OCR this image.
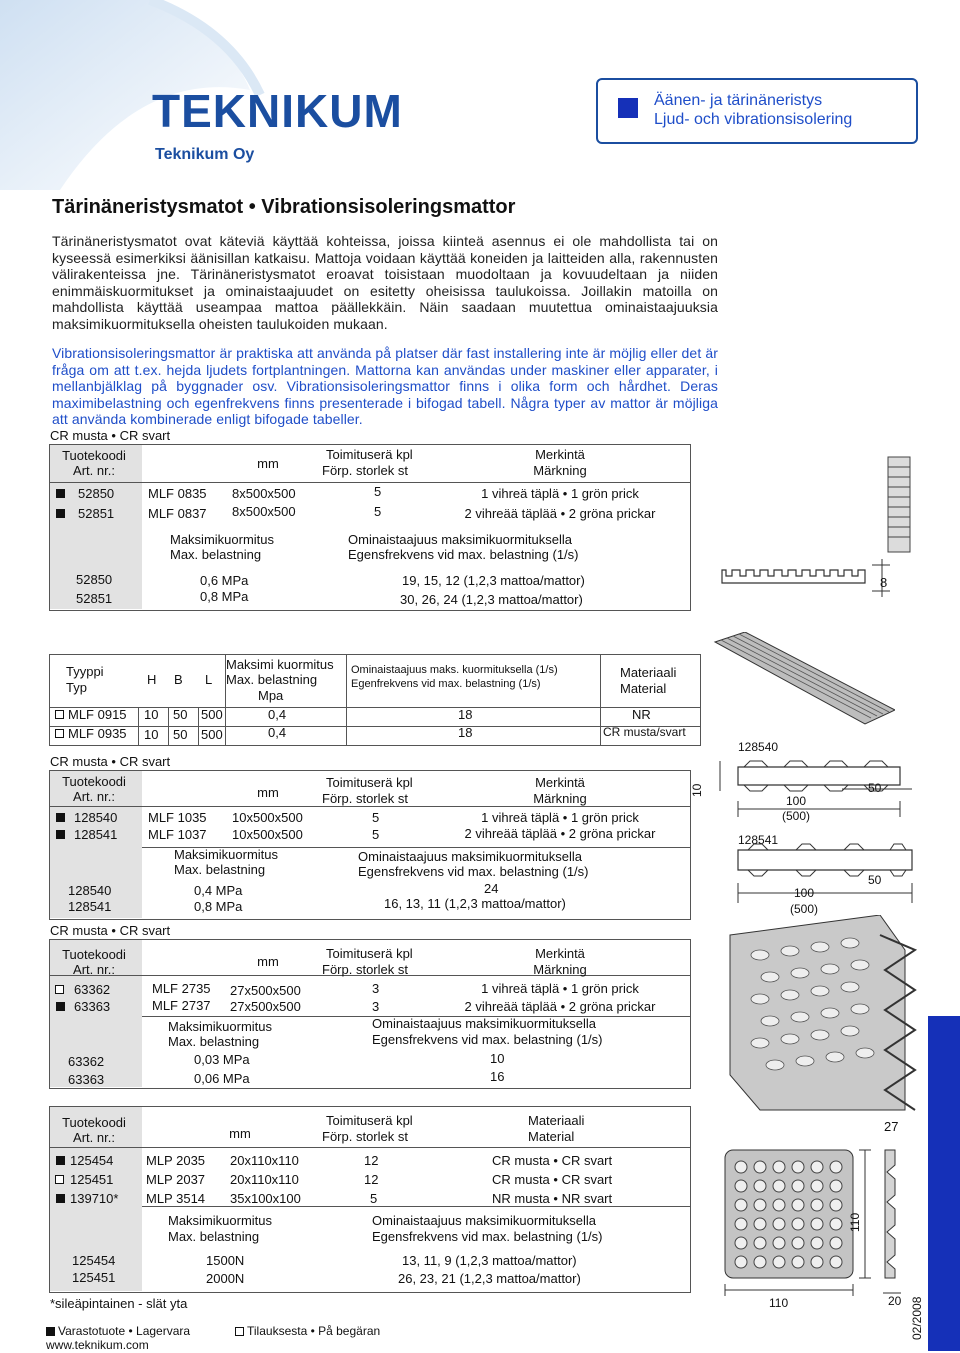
TEKNIKUM
Teknikum Oy
Äänen- ja tärinäneristys
Ljud- och vibrationsisolering
Tärinäneristysmatot • Vibrationsisoleringsmattor

Tärinäneristysmatot ovat käteviä käyttää kohteissa, joissa kiinteä asennus ei ole mahdollista tai on kyseessä esimerkiksi äänisillan katkaisu. Mattoja voidaan käyttää koneiden ja laitteiden alla, rakennusten välirakenteissa jne. Tärinäneristysmatot eroavat toisistaan muodoltaan ja kovuudeltaan ja niiden enimmäiskuormitukset ja ominaistaajuudet on esitetty oheisissa taulukoissa. Joillakin matoilla on mahdollista käyttää useampaa mattoa päällekkäin. Näin saadaan muutettua ominaistaajuuksia maksimikuormituksella oheisten taulukoiden mukaan.

Vibrationsisoleringsmattor är praktiska att använda på platser där fast installering inte är möjlig eller det är fråga om att t.ex. hejda ljudets fortplantningen. Mattorna kan användas under maskiner eller apparater, i mellanbjälklag på byggnader osv. Vibrationsisoleringsmattor finns i olika form och hårdhet. Deras maximibelastning och egenfrekvens finns presenterade i bifogad tabell. Några typer av mattor är möjliga att använda kombinerade enligt bifogade tabeller.

CR musta • CR svart
Tuotekoodi
Art. nr.:	mm
Toimituserä kpl
Förp. storlek st
Merkintä
Märkning
52850	MLF 0835 8x500x500	5	1 vihreä täplä • 1 grön prick
52851	MLF 0837 8x500x500	5	2 vihreää täplää • 2 gröna prickar
Maksimikuormitus
Max. belastning
Ominaistaajuus maksimikuormituksella
Egensfrekvens vid max. belastning (1/s)
52850	0,6 MPa	19, 15, 12 (1,2,3 mattoa/mattor)
52851	0,8 MPa	30, 26, 24 (1,2,3 mattoa/mattor)
8
Tyyppi
Typ
H B L
Maksimi kuormitus
Max. belastning
Mpa
Ominaistaajuus maks. kuormituksella (1/s)
Egenfrekvens vid max. belastning (1/s)
Materiaali
Material
MLF 0915 10 50 500	0,4	18	NR
MLF 0935 10 50 500	0,4	18	CR musta/svart
CR musta • CR svart
Tuotekoodi
Art. nr.:	mm
Toimituserä kpl
Förp. storlek st
Merkintä
Märkning
128540 MLF 1035 10x500x500	5	1 vihreä täplä • 1 grön prick
128541 MLF 1037 10x500x500	5	2 vihreää täplää • 2 gröna prickar
Maksimikuormitus
Max. belastning
Ominaistaajuus maksimikuormituksella
Egensfrekvens vid max. belastning (1/s)
128540	0,4 MPa	24
128541	0,8 MPa	16, 13, 11 (1,2,3 mattoa/mattor)
128540
128541
10	50
100
(500)
50
100
(500)
CR musta • CR svart
Tuotekoodi
Art. nr.:
mm
Toimituserä kpl
Förp. storlek st
Merkintä
Märkning
63362	MLF 2735 27x500x500	3	1 vihreä täplä • 1 grön prick
63363	MLF 2737 27x500x500	3	2 vihreää täplää • 2 gröna prickar
Maksimikuormitus
Max. belastning
Ominaistaajuus maksimikuormituksella
Egensfrekvens vid max. belastning (1/s)
63362	0,03 MPa	10
63363	0,06 MPa	16
27
Tuotekoodi
Art. nr.:	mm
Toimituserä kpl
Förp. storlek st
Materiaali
Material
125454	MLP 2035 20x110x110	12	CR musta • CR svart
125451	MLP 2037 20x110x110	12	CR musta • CR svart
139710* MLP 3514 35x100x100	5	NR musta • NR svart
Maksimikuormitus
Max. belastning
Ominaistaajuus maksimikuormituksella
Egensfrekvens vid max. belastning (1/s)
125454	1500N	13, 11, 9 (1,2,3 mattoa/mattor)
125451	2000N	26, 23, 21 (1,2,3 mattoa/mattor)
*sileäpintainen - slät yta	110
110
20
Varastotuote • Lagervara	Tilauksesta • På begäran
www.teknikum.com
02/2008
